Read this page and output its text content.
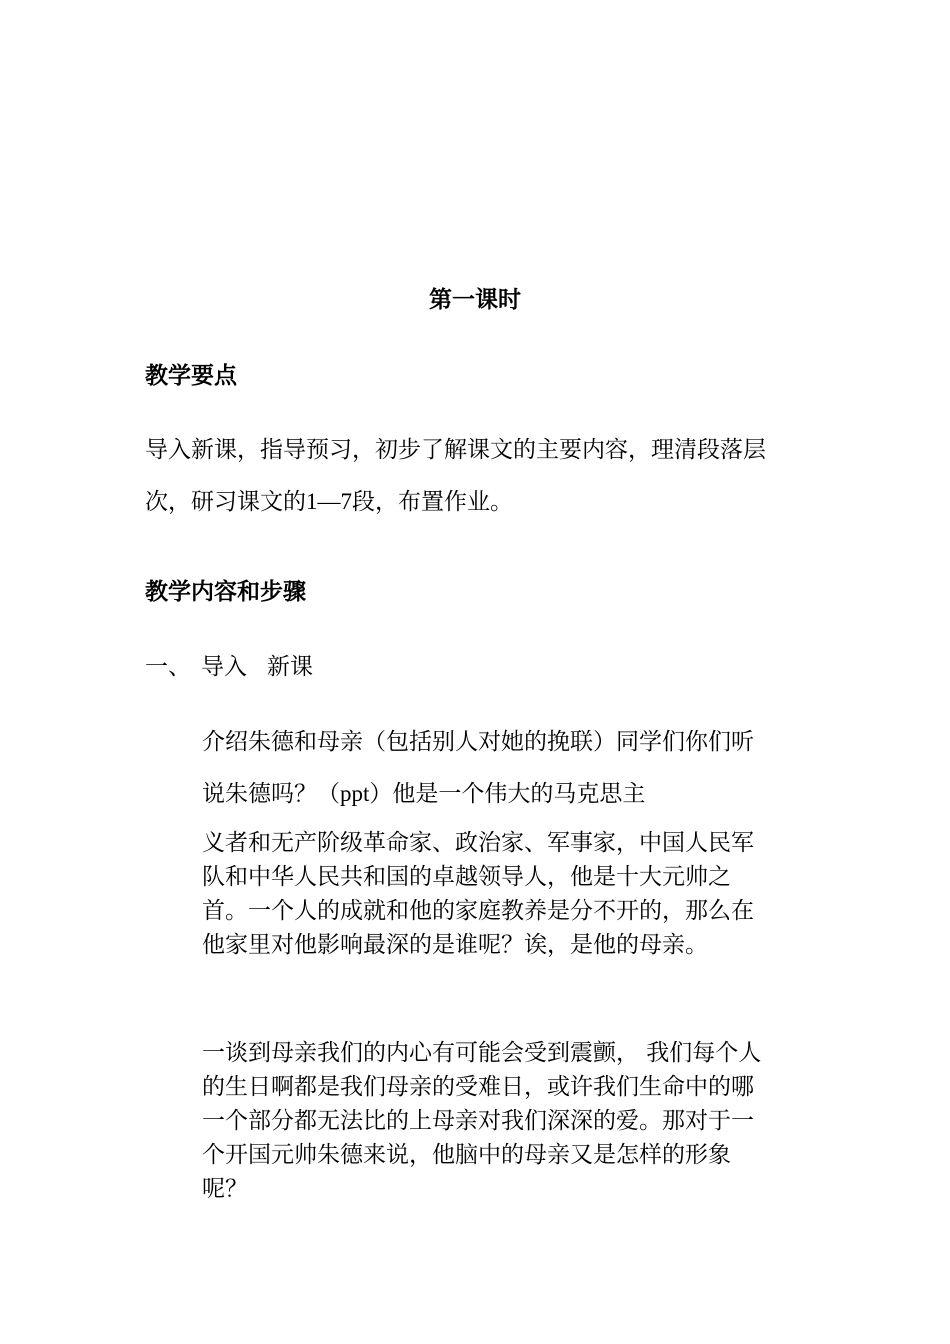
第一课时
教学要点

导入新课，指导预习，初步了解课文的主要内容，理清段落层次，研习课文的1—7段，布置作业。

教学内容和步骤
一、 导入 新课

介绍朱德和母亲（包括别人对她的挽联）同学们你们听说朱德吗？（ppt）他是一个伟大的马克思主

义者和无产阶级革命家、政治家、军事家，中国人民军队和中华人民共和国的卓越领导人，他是十大元帅之首。一个人的成就和他的家庭教养是分不开的，那么在他家里对他影响最深的是谁呢？诶，是他的母亲。

一谈到母亲我们的内心有可能会受到震颤， 我们每个人的生日啊都是我们母亲的受难日，或许我们生命中的哪一个部分都无法比的上母亲对我们深深的爱。那对于一个开国元帅朱德来说，他脑中的母亲又是怎样的形象呢？
